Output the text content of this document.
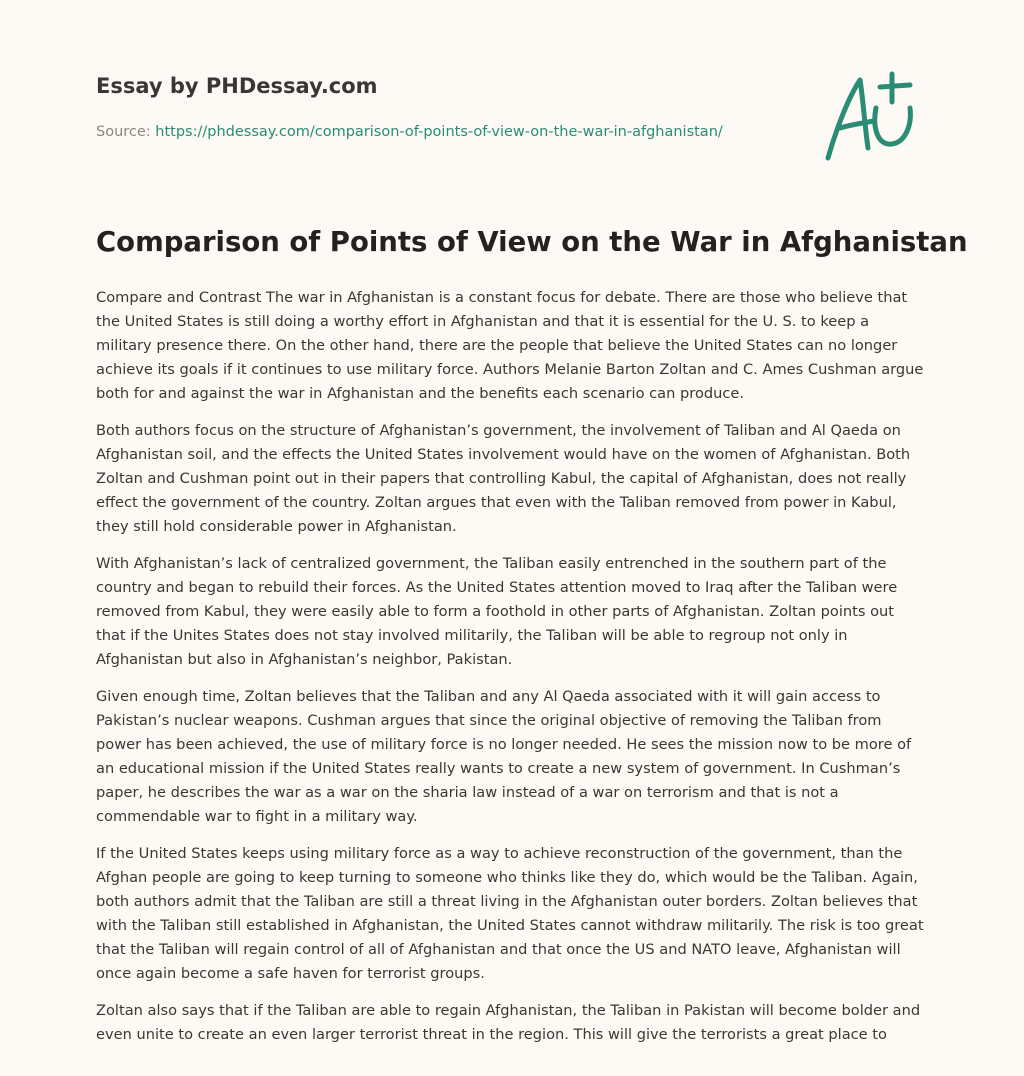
Essay by PHDessay.com
Source: https://phdessay.com/comparison-of-points-of-view-on-the-war-in-afghanistan/
Comparison of Points of View on the War in Afghanistan

Compare and Contrast The war in Afghanistan is a constant focus for debate. There are those who believe that the United States is still doing a worthy effort in Afghanistan and that it is essential for the U. S. to keep a military presence there. On the other hand, there are the people that believe the United States can no longer achieve its goals if it continues to use military force. Authors Melanie Barton Zoltan and C. Ames Cushman argue both for and against the war in Afghanistan and the benefits each scenario can produce.

Both authors focus on the structure of Afghanistan’s government, the involvement of Taliban and Al Qaeda on Afghanistan soil, and the effects the United States involvement would have on the women of Afghanistan. Both Zoltan and Cushman point out in their papers that controlling Kabul, the capital of Afghanistan, does not really effect the government of the country. Zoltan argues that even with the Taliban removed from power in Kabul, they still hold considerable power in Afghanistan.

With Afghanistan’s lack of centralized government, the Taliban easily entrenched in the southern part of the country and began to rebuild their forces. As the United States attention moved to Iraq after the Taliban were removed from Kabul, they were easily able to form a foothold in other parts of Afghanistan. Zoltan points out that if the Unites States does not stay involved militarily, the Taliban will be able to regroup not only in Afghanistan but also in Afghanistan’s neighbor, Pakistan.

Given enough time, Zoltan believes that the Taliban and any Al Qaeda associated with it will gain access to Pakistan’s nuclear weapons. Cushman argues that since the original objective of removing the Taliban from power has been achieved, the use of military force is no longer needed. He sees the mission now to be more of an educational mission if the United States really wants to create a new system of government. In Cushman’s paper, he describes the war as a war on the sharia law instead of a war on terrorism and that is not a commendable war to fight in a military way.

If the United States keeps using military force as a way to achieve reconstruction of the government, than the Afghan people are going to keep turning to someone who thinks like they do, which would be the Taliban. Again, both authors admit that the Taliban are still a threat living in the Afghanistan outer borders. Zoltan believes that with the Taliban still established in Afghanistan, the United States cannot withdraw militarily. The risk is too great that the Taliban will regain control of all of Afghanistan and that once the US and NATO leave, Afghanistan will once again become a safe haven for terrorist groups.

Zoltan also says that if the Taliban are able to regain Afghanistan, the Taliban in Pakistan will become bolder and even unite to create an even larger terrorist threat in the region. This will give the terrorists a great place to
